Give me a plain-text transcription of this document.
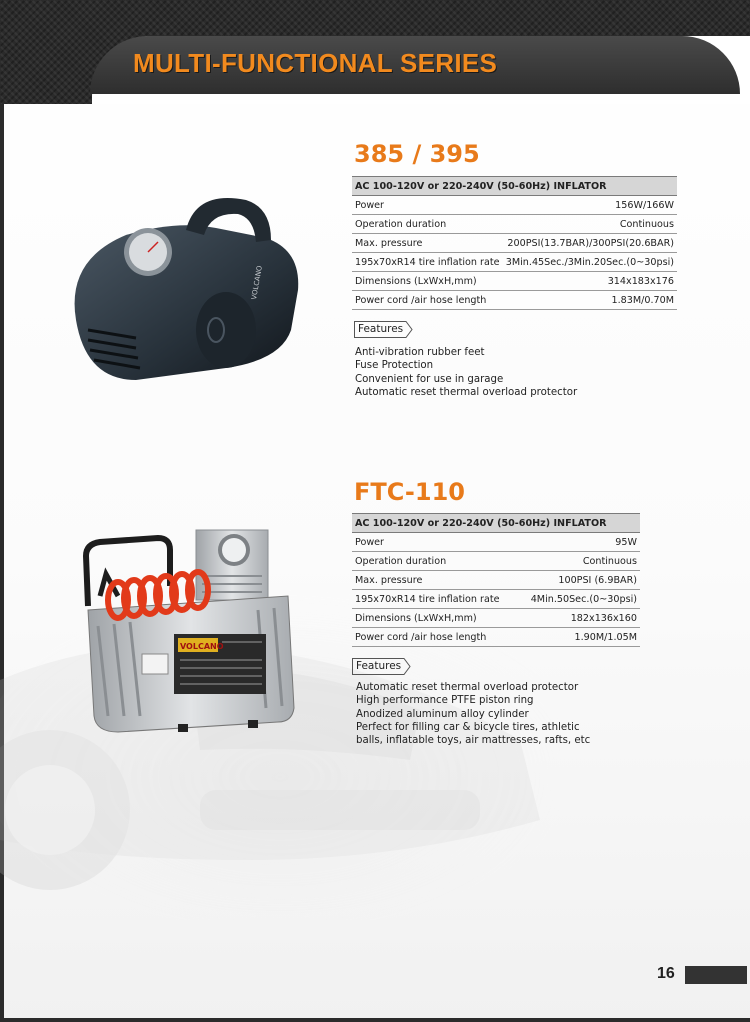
MULTI-FUNCTIONAL SERIES
VOLCANO
385 / 395
AC 100-120V or 220-240V (50-60Hz) INFLATOR	
Power	156W/166W
Operation duration	Continuous
Max. pressure	200PSI(13.7BAR)/300PSI(20.6BAR)
195x70xR14 tire inflation rate	3Min.45Sec./3Min.20Sec.(0~30psi)
Dimensions (LxWxH,mm)	314x183x176
Power cord /air hose length	1.83M/0.70M
Features
Anti-vibration rubber feet
Fuse Protection
Convenient for use in garage
Automatic reset thermal overload protector
VOLCANO
FTC-110
AC 100-120V or 220-240V (50-60Hz) INFLATOR	
Power	95W
Operation duration	Continuous
Max. pressure	100PSI (6.9BAR)
195x70xR14 tire inflation rate	4Min.50Sec.(0~30psi)
Dimensions (LxWxH,mm)	182x136x160
Power cord /air hose length	1.90M/1.05M
Features
Automatic reset thermal overload protector
High performance PTFE piston ring
Anodized aluminum alloy cylinder
Perfect for filling car & bicycle tires, athletic
balls, inflatable toys, air mattresses, rafts, etc
16
